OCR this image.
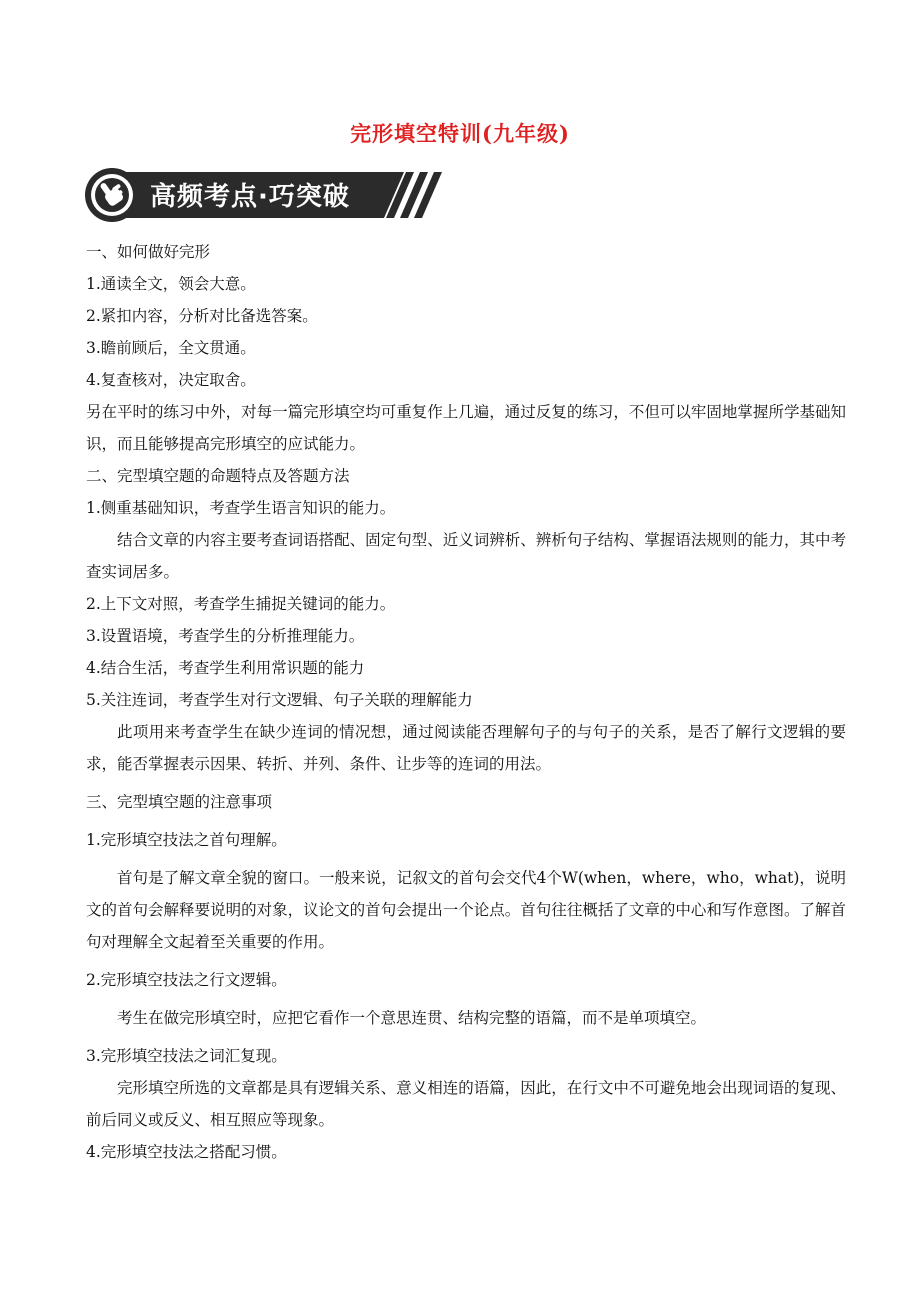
完形填空特训(九年级)
高频考点·巧突破

一、如何做好完形

1.通读全文，领会大意。

2.紧扣内容，分析对比备选答案。

3.瞻前顾后，全文贯通。

4.复查核对，决定取舍。

另在平时的练习中外，对每一篇完形填空均可重复作上几遍，通过反复的练习，不但可以牢固地掌握所学基础知识，而且能够提高完形填空的应试能力。

二、完型填空题的命题特点及答题方法

1.侧重基础知识，考查学生语言知识的能力。

结合文章的内容主要考查词语搭配、固定句型、近义词辨析、辨析句子结构、掌握语法规则的能力，其中考查实词居多。

2.上下文对照，考查学生捕捉关键词的能力。

3.设置语境，考查学生的分析推理能力。

4.结合生活，考查学生利用常识题的能力

5.关注连词，考查学生对行文逻辑、句子关联的理解能力

此项用来考查学生在缺少连词的情况想，通过阅读能否理解句子的与句子的关系，是否了解行文逻辑的要求，能否掌握表示因果、转折、并列、条件、让步等的连词的用法。

三、完型填空题的注意事项

1.完形填空技法之首句理解。

首句是了解文章全貌的窗口。一般来说，记叙文的首句会交代4个W(when，where，who，what)，说明文的首句会解释要说明的对象，议论文的首句会提出一个论点。首句往往概括了文章的中心和写作意图。了解首句对理解全文起着至关重要的作用。

2.完形填空技法之行文逻辑。

考生在做完形填空时，应把它看作一个意思连贯、结构完整的语篇，而不是单项填空。

3.完形填空技法之词汇复现。

完形填空所选的文章都是具有逻辑关系、意义相连的语篇，因此，在行文中不可避免地会出现词语的复现、前后同义或反义、相互照应等现象。

4.完形填空技法之搭配习惯。
